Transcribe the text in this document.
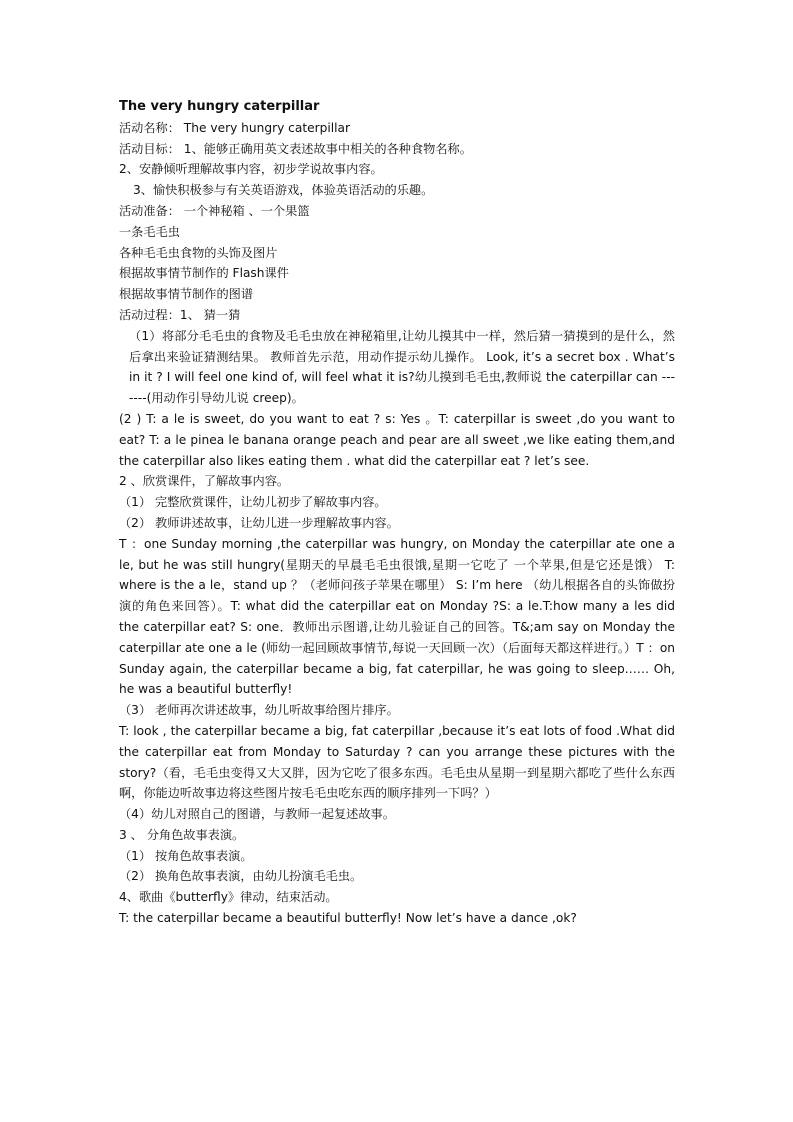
The very hungry caterpillar
活动名称： The very hungry caterpillar
活动目标： 1、能够正确用英文表述故事中相关的各种食物名称。
2、安静倾听理解故事内容，初步学说故事内容。
3、愉快积极参与有关英语游戏，体验英语活动的乐趣。
活动准备： 一个神秘箱 、一个果篮
一条毛毛虫
各种毛毛虫食物的头饰及图片
根据故事情节制作的 Flash课件
根据故事情节制作的图谱
活动过程：1、 猜一猜
（1）将部分毛毛虫的食物及毛毛虫放在神秘箱里,让幼儿摸其中一样，然后猜一猜摸到的是什么，然后拿出来验证猜测结果。 教师首先示范，用动作提示幼儿操作。 Look, it’s a secret box . What’s in it ? I will feel one kind of, will feel what it is?幼儿摸到毛毛虫,教师说 the caterpillar can -------(用动作引导幼儿说 creep)。
(2 ) T: a le is sweet, do you want to eat ? s: Yes 。T: caterpillar is sweet ,do you want to eat? T: a le pinea le banana orange peach and pear are all sweet ,we like eating them,and the caterpillar also likes eating them . what did the caterpillar eat ? let’s see.
2 、欣赏课件，了解故事内容。
（1） 完整欣赏课件，让幼儿初步了解故事内容。
（2） 教师讲述故事，让幼儿进一步理解故事内容。
T ：one Sunday morning ,the caterpillar was hungry, on Monday the caterpillar ate one a le, but he was still hungry(星期天的早晨毛毛虫很饿,星期一它吃了 一个苹果,但是它还是饿） T: where is the a le，stand up ？（老师问孩子苹果在哪里） S: I’m here （幼儿根据各自的头饰做扮演的角色来回答）。T: what did the caterpillar eat on Monday ?S: a le.T:how many a les did the caterpillar eat? S: one．教师出示图谱,让幼儿验证自己的回答。T&;am say on Monday the caterpillar ate one a le (师幼一起回顾故事情节,每说一天回顾一次）（后面每天都这样进行。）T ：on Sunday again, the caterpillar became a big, fat caterpillar, he was going to sleep…… Oh, he was a beautiful butterfly!
（3） 老师再次讲述故事，幼儿听故事给图片排序。
T: look , the caterpillar became a big, fat caterpillar ,because it’s eat lots of food .What did the caterpillar eat from Monday to Saturday ? can you arrange these pictures with the story?（看，毛毛虫变得又大又胖，因为它吃了很多东西。毛毛虫从星期一到星期六都吃了些什么东西啊，你能边听故事边将这些图片按毛毛虫吃东西的顺序排列一下吗？）
（4）幼儿对照自己的图谱，与教师一起复述故事。
3 、 分角色故事表演。
（1） 按角色故事表演。
（2） 换角色故事表演，由幼儿扮演毛毛虫。
4、歌曲《butterfly》律动，结束活动。
T: the caterpillar became a beautiful butterfly! Now let’s have a dance ,ok?
